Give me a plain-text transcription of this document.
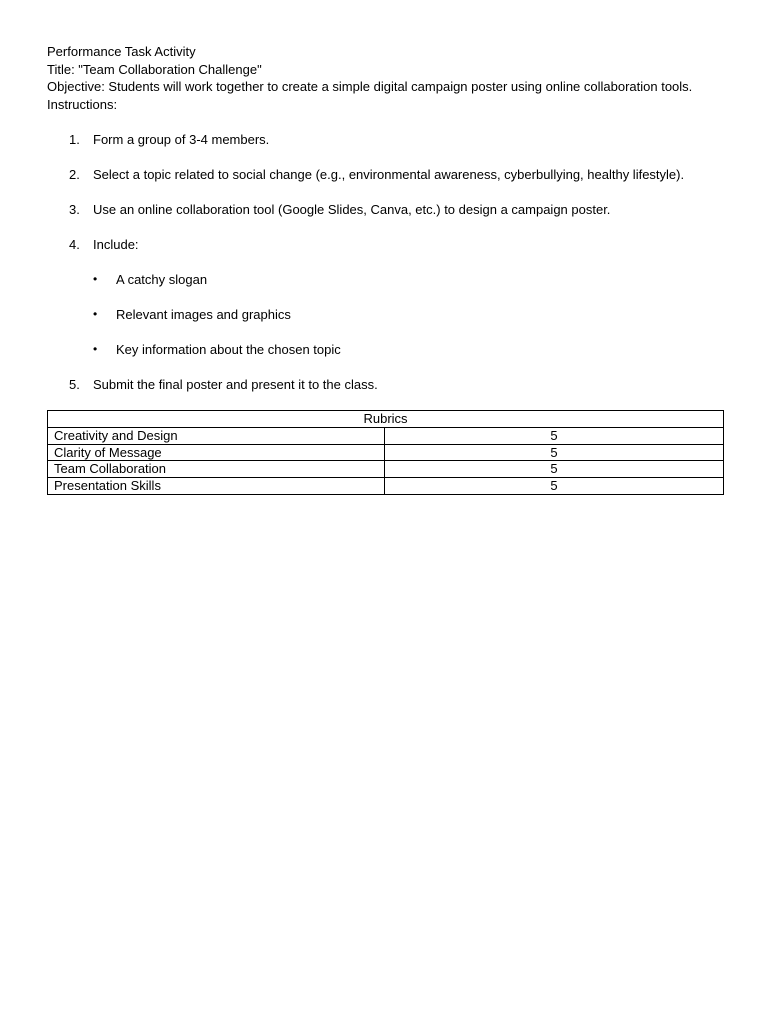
Performance Task Activity
Title: "Team Collaboration Challenge"
Objective: Students will work together to create a simple digital campaign poster using online collaboration tools.
Instructions:
1. Form a group of 3-4 members.
2. Select a topic related to social change (e.g., environmental awareness, cyberbullying, healthy lifestyle).
3. Use an online collaboration tool (Google Slides, Canva, etc.) to design a campaign poster.
4. Include:
• A catchy slogan
• Relevant images and graphics
• Key information about the chosen topic
5. Submit the final poster and present it to the class.
Rubrics	
Creativity and Design	5
Clarity of Message	5
Team Collaboration	5
Presentation Skills	5
